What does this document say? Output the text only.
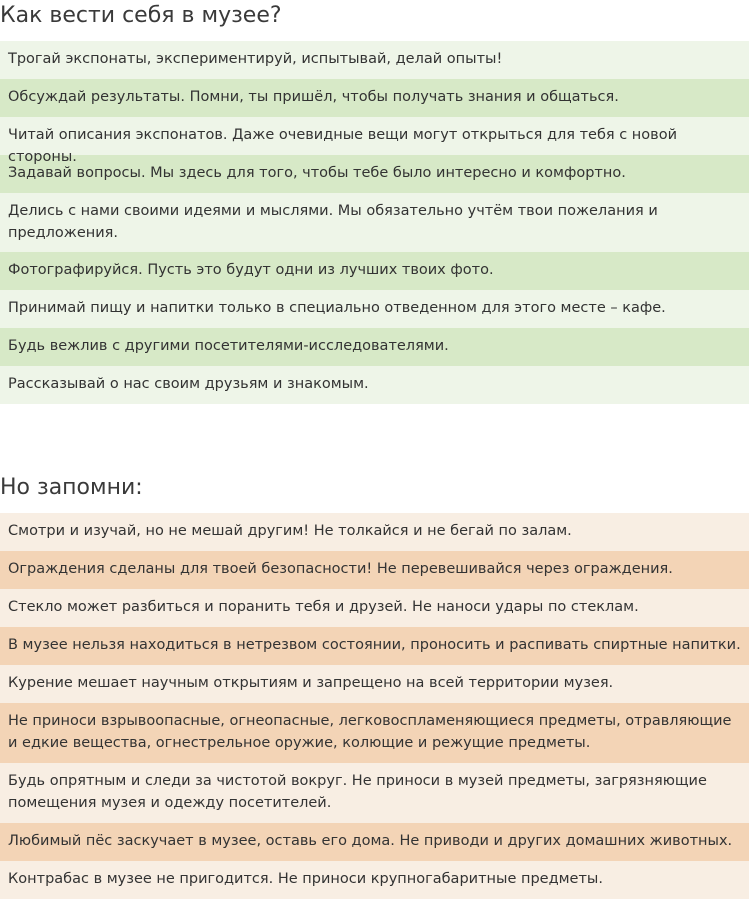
Как вести себя в музее?
Трогай экспонаты, экспериментируй, испытывай, делай опыты!
Обсуждай результаты. Помни, ты пришёл, чтобы получать знания и общаться.
Читай описания экспонатов. Даже очевидные вещи могут открыться для тебя с новой стороны.
Задавай вопросы. Мы здесь для того, чтобы тебе было интересно и комфортно.
Делись с нами своими идеями и мыслями. Мы обязательно учтём твои пожелания и предложения.
Фотографируйся. Пусть это будут одни из лучших твоих фото.
Принимай пищу и напитки только в специально отведенном для этого месте – кафе.
Будь вежлив с другими посетителями-исследователями.
Рассказывай о нас своим друзьям и знакомым.
Но запомни:
Смотри и изучай, но не мешай другим! Не толкайся и не бегай по залам.
Ограждения сделаны для твоей безопасности! Не перевешивайся через ограждения.
Стекло может разбиться и поранить тебя и друзей. Не наноси удары по стеклам.
В музее нельзя находиться в нетрезвом состоянии, проносить и распивать спиртные напитки.
Курение мешает научным открытиям и запрещено на всей территории музея.
Не приноси взрывоопасные, огнеопасные, легковоспламеняющиеся предметы, отравляющие и едкие вещества, огнестрельное оружие, колющие и режущие предметы.
Будь опрятным и следи за чистотой вокруг. Не приноси в музей предметы, загрязняющие помещения музея и одежду посетителей.
Любимый пёс заскучает в музее, оставь его дома. Не приводи и других домашних животных.
Контрабас в музее не пригодится. Не приноси крупногабаритные предметы.
